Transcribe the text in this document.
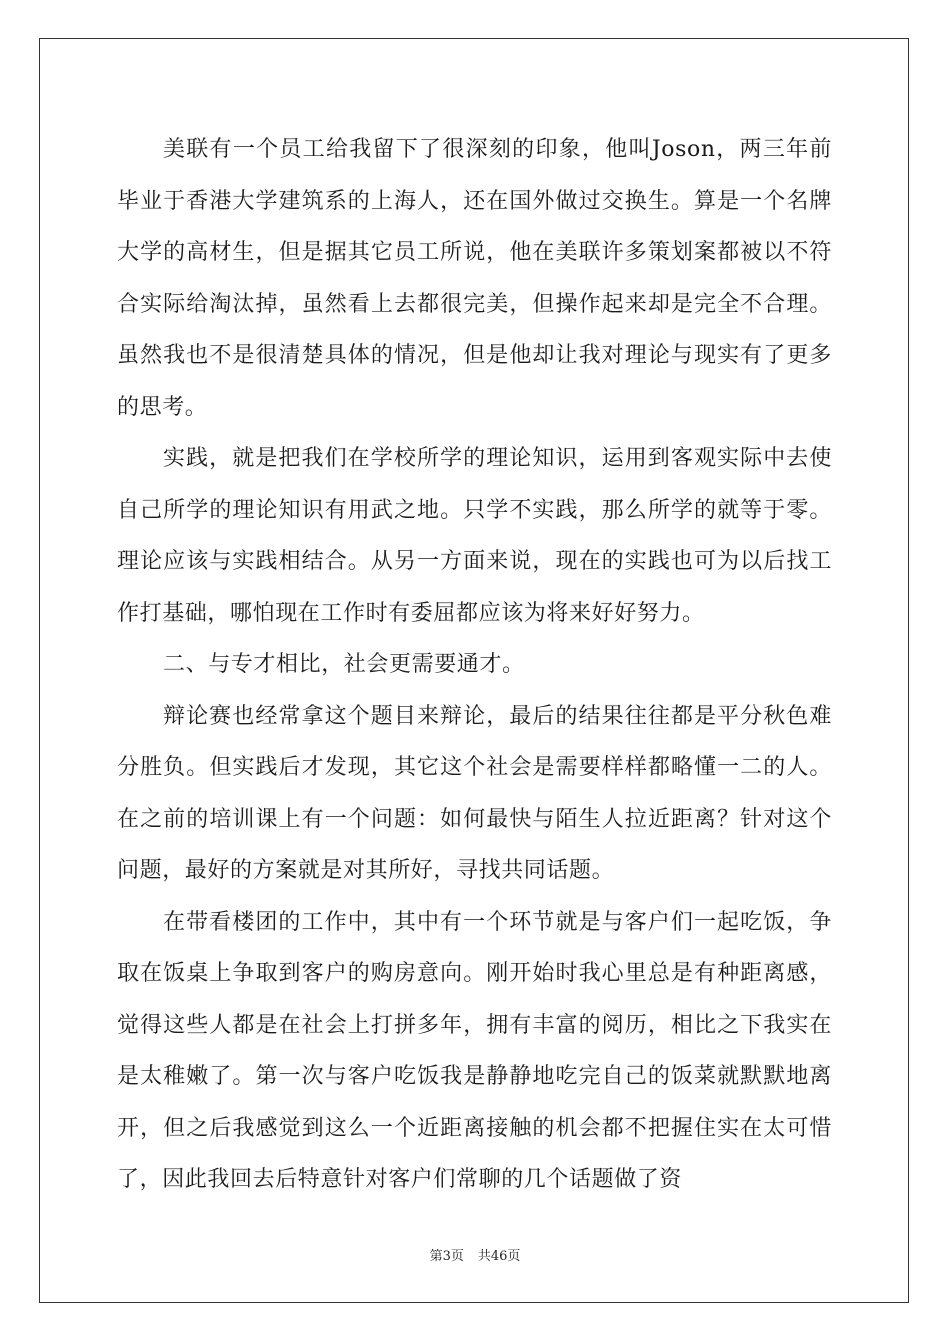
美联有一个员工给我留下了很深刻的印象，他叫Joson，两三年前毕业于香港大学建筑系的上海人，还在国外做过交换生。算是一个名牌大学的高材生，但是据其它员工所说，他在美联许多策划案都被以不符合实际给淘汰掉，虽然看上去都很完美，但操作起来却是完全不合理。虽然我也不是很清楚具体的情况，但是他却让我对理论与现实有了更多的思考。

实践，就是把我们在学校所学的理论知识，运用到客观实际中去使自己所学的理论知识有用武之地。只学不实践，那么所学的就等于零。理论应该与实践相结合。从另一方面来说，现在的实践也可为以后找工作打基础，哪怕现在工作时有委屈都应该为将来好好努力。

二、与专才相比，社会更需要通才。

辩论赛也经常拿这个题目来辩论，最后的结果往往都是平分秋色难分胜负。但实践后才发现，其它这个社会是需要样样都略懂一二的人。在之前的培训课上有一个问题：如何最快与陌生人拉近距离？针对这个问题，最好的方案就是对其所好，寻找共同话题。

在带看楼团的工作中，其中有一个环节就是与客户们一起吃饭，争取在饭桌上争取到客户的购房意向。刚开始时我心里总是有种距离感，觉得这些人都是在社会上打拼多年，拥有丰富的阅历，相比之下我实在是太稚嫩了。第一次与客户吃饭我是静静地吃完自己的饭菜就默默地离开，但之后我感觉到这么一个近距离接触的机会都不把握住实在太可惜了，因此我回去后特意针对客户们常聊的几个话题做了资

第3页 共46页
